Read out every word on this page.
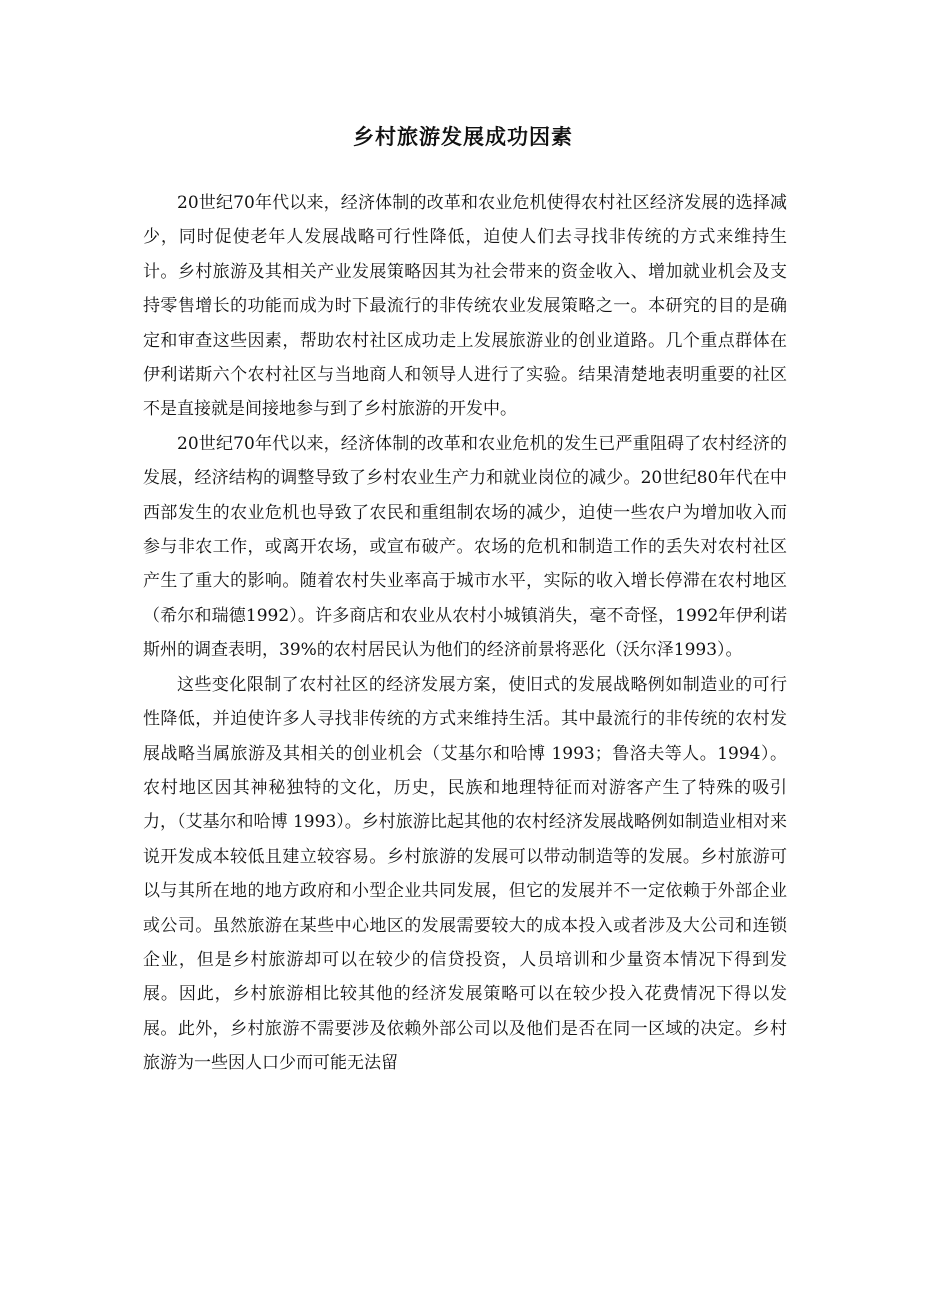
乡村旅游发展成功因素

20世纪70年代以来，经济体制的改革和农业危机使得农村社区经济发展的选择减少，同时促使老年人发展战略可行性降低，迫使人们去寻找非传统的方式来维持生计。乡村旅游及其相关产业发展策略因其为社会带来的资金收入、增加就业机会及支持零售增长的功能而成为时下最流行的非传统农业发展策略之一。本研究的目的是确定和审查这些因素，帮助农村社区成功走上发展旅游业的创业道路。几个重点群体在伊利诺斯六个农村社区与当地商人和领导人进行了实验。结果清楚地表明重要的社区不是直接就是间接地参与到了乡村旅游的开发中。

20世纪70年代以来，经济体制的改革和农业危机的发生已严重阻碍了农村经济的发展，经济结构的调整导致了乡村农业生产力和就业岗位的减少。20世纪80年代在中西部发生的农业危机也导致了农民和重组制农场的减少，迫使一些农户为增加收入而参与非农工作，或离开农场，或宣布破产。农场的危机和制造工作的丢失对农村社区产生了重大的影响。随着农村失业率高于城市水平，实际的收入增长停滞在农村地区（希尔和瑞德1992）。许多商店和农业从农村小城镇消失，毫不奇怪，1992年伊利诺斯州的调查表明，39%的农村居民认为他们的经济前景将恶化（沃尔泽1993）。

这些变化限制了农村社区的经济发展方案，使旧式的发展战略例如制造业的可行性降低，并迫使许多人寻找非传统的方式来维持生活。其中最流行的非传统的农村发展战略当属旅游及其相关的创业机会（艾基尔和哈博 1993；鲁洛夫等人。1994）。农村地区因其神秘独特的文化，历史，民族和地理特征而对游客产生了特殊的吸引力，（艾基尔和哈博 1993）。乡村旅游比起其他的农村经济发展战略例如制造业相对来说开发成本较低且建立较容易。乡村旅游的发展可以带动制造等的发展。乡村旅游可以与其所在地的地方政府和小型企业共同发展，但它的发展并不一定依赖于外部企业或公司。虽然旅游在某些中心地区的发展需要较大的成本投入或者涉及大公司和连锁企业，但是乡村旅游却可以在较少的信贷投资，人员培训和少量资本情况下得到发展。因此，乡村旅游相比较其他的经济发展策略可以在较少投入花费情况下得以发展。此外，乡村旅游不需要涉及依赖外部公司以及他们是否在同一区域的决定。乡村旅游为一些因人口少而可能无法留
